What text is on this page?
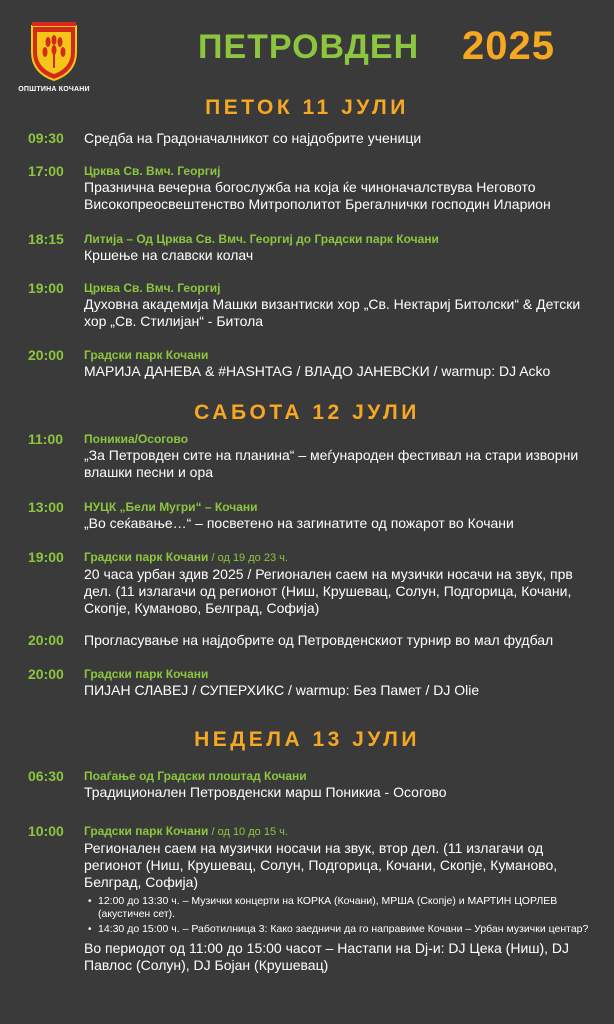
ОПШТИНА КОЧАНИ
ПЕТРОВДЕН 2025
ПЕТОК 11 ЈУЛИ
09:30 Средба на Градоначалникот со најдобрите ученици
17:00 Црква Св. Вмч. Георгиј
Празнична вечерна богослужба на која ќе чиноначалствува Неговото Високопреосвештенство Митрополитот Брегалнички господин Иларион
18:15 Литија – Од Црква Св. Вмч. Георгиј до Градски парк Кочани
Кршење на славски колач
19:00 Црква Св. Вмч. Георгиј
Духовна академија Машки византиски хор „Св. Нектариј Битолски“ & Детски хор „Св. Стилијан“ - Битола
20:00 Градски парк Кочани
МАРИЈА ДАНЕВА & #HASHTAG / ВЛАДО ЈАНЕВСКИ / warmup: DJ Acko
САБОТА 12 ЈУЛИ
11:00 Поникиа/Осогово
„За Петровден сите на планина“ – меѓународен фестивал на стари изворни влашки песни и ора
13:00 НУЦК „Бели Мугри“ – Кочани
„Во сеќавање…“ – посветено на загинатите од пожарот во Кочани
19:00 Градски парк Кочани / од 19 до 23 ч.
20 часа урбан здив 2025 / Регионален саем на музички носачи на звук, прв дел. (11 излагачи од регионот (Ниш, Крушевац, Солун, Подгорица, Кочани, Скопје, Куманово, Белград, Софија)
20:00 Прогласување на најдобрите од Петровденскиот турнир во мал фудбал
20:00 Градски парк Кочани
ПИЈАН СЛАВЕЈ / СУПЕРХИКС / warmup: Без Памет / DJ Olie
НЕДЕЛА 13 ЈУЛИ
06:30 Поаѓање од Градски плоштад Кочани
Традиционален Петровденски марш Поникиа - Осогово
10:00 Градски парк Кочани / од 10 до 15 ч.
Регионален саем на музички носачи на звук, втор дел. (11 излагачи од регионот (Ниш, Крушевац, Солун, Подгорица, Кочани, Скопје, Куманово, Белград, Софија)
• 12:00 до 13:30 ч. – Музички концерти на КОРКА (Кочани), МРША (Скопје) и МАРТИН ЦОРЛЕВ (акустичен сет).
• 14:30 до 15:00 ч. – Работилница 3: Како заедничи да го направиме Кочани – Урбан музички центар?
Во периодот од 11:00 до 15:00 часот – Настапи на Dj-и: DJ Цека (Ниш), DJ Павлос (Солун), DJ Бојан (Крушевац)
